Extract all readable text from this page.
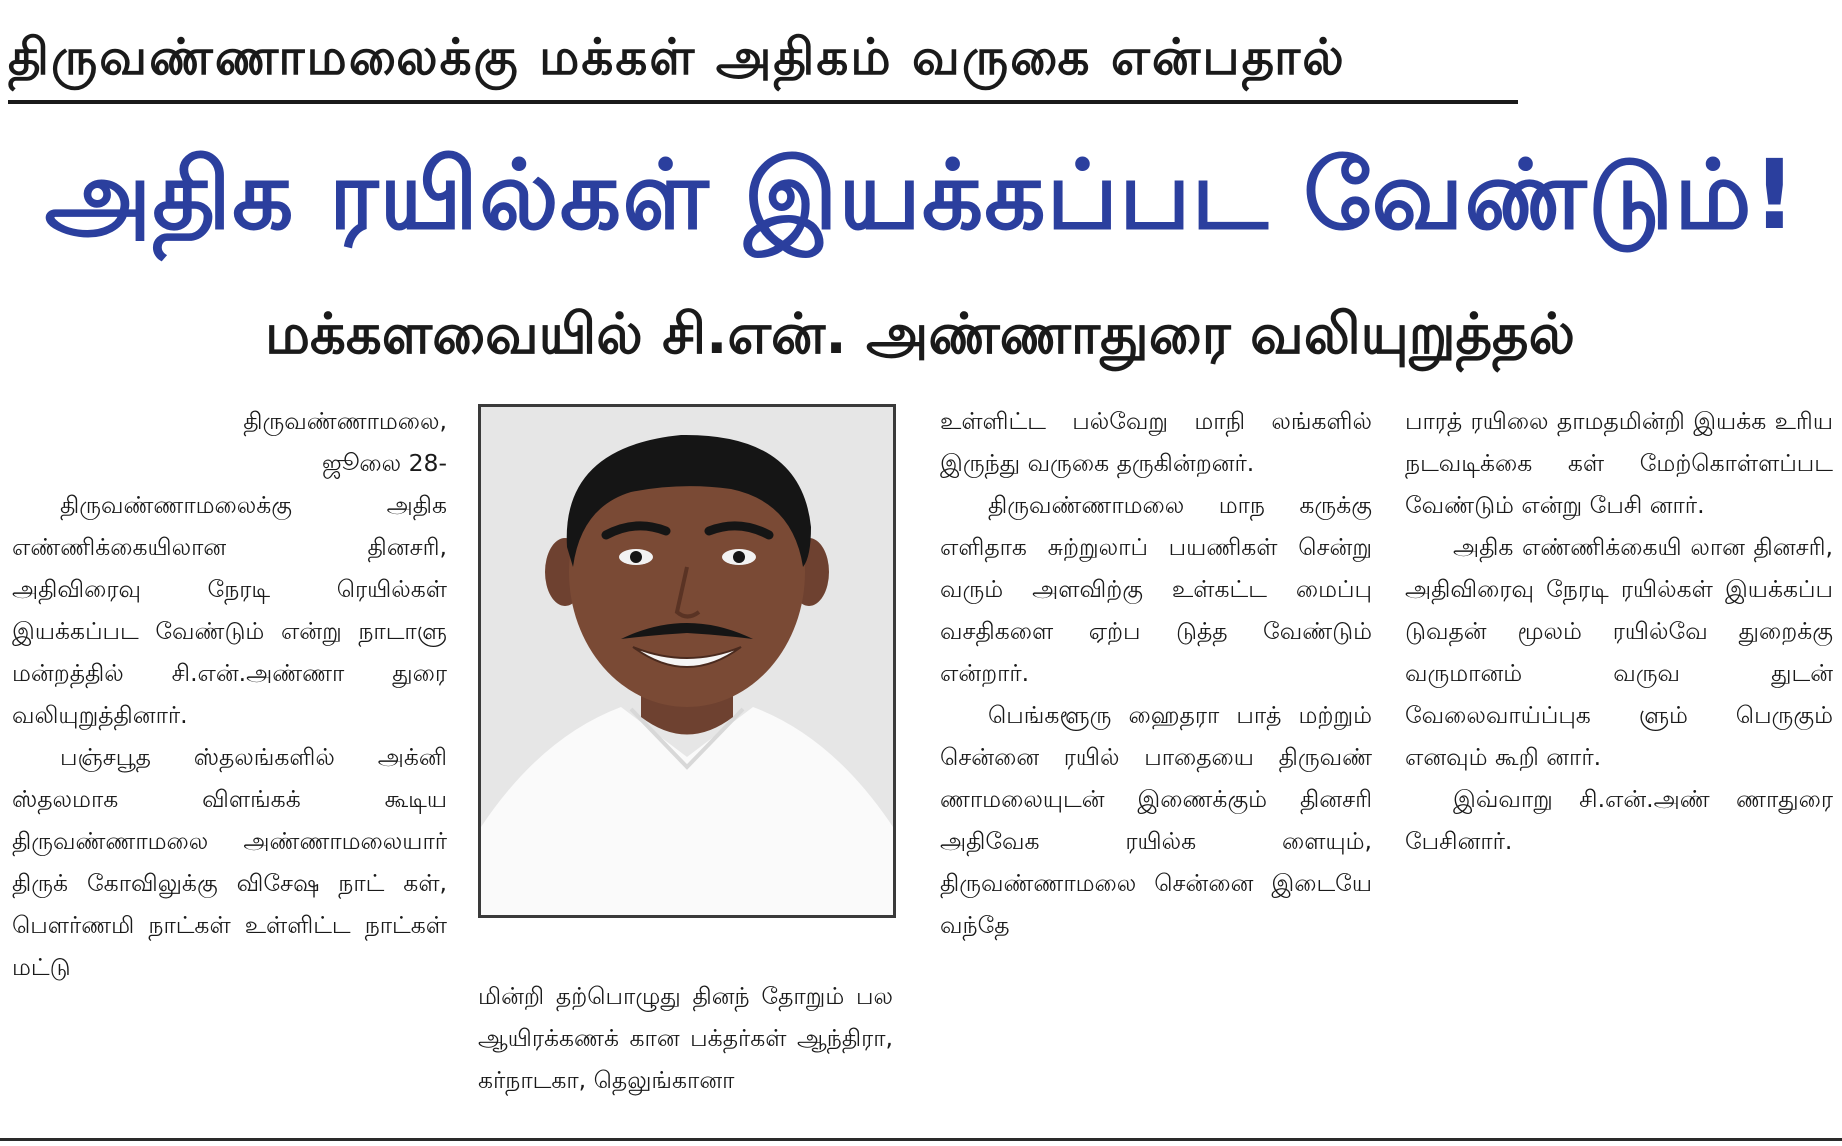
திருவண்ணாமலைக்கு மக்கள் அதிகம் வருகை என்பதால்
அதிக ரயில்கள் இயக்கப்பட வேண்டும்!
மக்களவையில் சி.என். அண்ணாதுரை வலியுறுத்தல்

திருவண்ணாமலை,

ஜூலை 28-

திருவண்ணாமலைக்கு அதிக எண்ணிக்கையிலான தினசரி, அதிவிரைவு நேரடி ரெயில்கள் இயக்கப்பட வேண்டும் என்று நாடாளு மன்றத்தில் சி.என்.அண்ணா துரை வலியுறுத்தினார்.

பஞ்சபூத ஸ்தலங்களில் அக்னி ஸ்தலமாக விளங்கக் கூடிய திருவண்ணாமலை அண்ணாமலையார் திருக் கோவிலுக்கு விசேஷ நாட் கள், பௌர்ணமி நாட்கள் உள்ளிட்ட நாட்கள் மட்டு

மின்றி தற்பொழுது தினந் தோறும் பல ஆயிரக்கணக் கான பக்தர்கள் ஆந்திரா, கர்நாடகா, தெலுங்கானா

உள்ளிட்ட பல்வேறு மாநி லங்களில் இருந்து வருகை தருகின்றனர்.

திருவண்ணாமலை மாந கருக்கு எளிதாக சுற்றுலாப் பயணிகள் சென்று வரும் அளவிற்கு உள்கட்ட மைப்பு வசதிகளை ஏற்ப டுத்த வேண்டும் என்றார்.

பெங்களூரு ஹைதரா பாத் மற்றும் சென்னை ரயில் பாதையை திருவண் ணாமலையுடன் இணைக்கும் தினசரி அதிவேக ரயில்க ளையும், திருவண்ணாமலை சென்னை இடையே வந்தே

பாரத் ரயிலை தாமதமின்றி இயக்க உரிய நடவடிக்கை கள் மேற்கொள்ளப்பட வேண்டும் என்று பேசி னார்.

அதிக எண்ணிக்கையி லான தினசரி, அதிவிரைவு நேரடி ரயில்கள் இயக்கப்ப டுவதன் மூலம் ரயில்வே துறைக்கு வருமானம் வருவ துடன் வேலைவாய்ப்புக ளும் பெருகும் எனவும் கூறி னார்.

இவ்வாறு சி.என்.அண் ணாதுரை பேசினார்.
